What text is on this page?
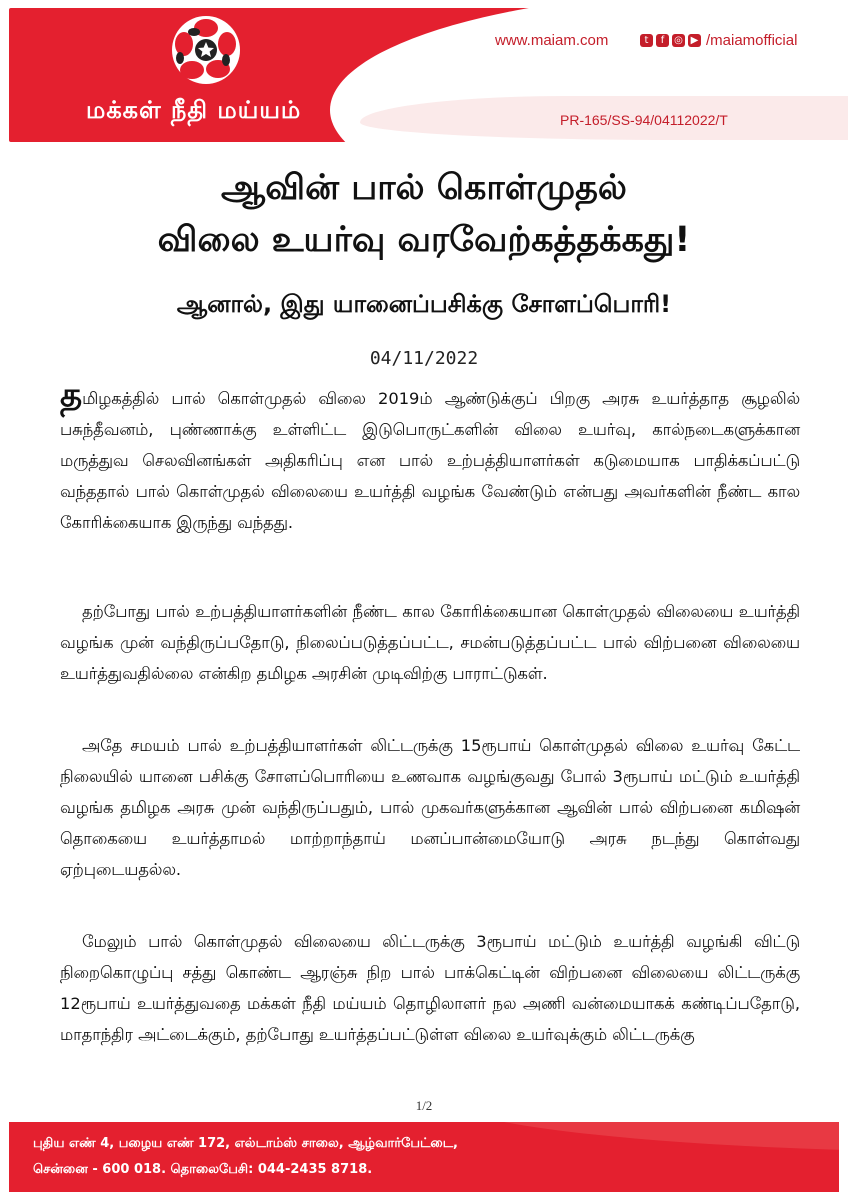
மக்கள் நீதி மய்யம்
www.maiam.com	t	f ◎ ▶ /maiamofficial
PR-165/SS-94/04112022/T
ஆவின் பால் கொள்முதல்
விலை உயர்வு வரவேற்கத்தக்கது!
ஆனால், இது யானைப்பசிக்கு சோளப்பொரி!
04/11/2022
தமிழகத்தில் பால் கொள்முதல் விலை 2019ம் ஆண்டுக்குப் பிறகு அரசு உயர்த்தாத சூழலில் பசுந்தீவனம், புண்ணாக்கு உள்ளிட்ட இடுபொருட்களின் விலை உயர்வு, கால்நடைகளுக்கான மருத்துவ செலவினங்கள் அதிகரிப்பு என பால் உற்பத்தியாளர்கள் கடுமையாக பாதிக்கப்பட்டு வந்ததால் பால் கொள்முதல் விலையை உயர்த்தி வழங்க வேண்டும் என்பது அவர்களின் நீண்ட கால கோரிக்கையாக இருந்து வந்தது.
தற்போது பால் உற்பத்தியாளர்களின் நீண்ட கால கோரிக்கையான கொள்முதல் விலையை உயர்த்தி வழங்க முன் வந்திருப்பதோடு, நிலைப்படுத்தப்பட்ட, சமன்படுத்தப்பட்ட பால் விற்பனை விலையை உயர்த்துவதில்லை என்கிற தமிழக அரசின் முடிவிற்கு பாராட்டுகள்.
அதே சமயம் பால் உற்பத்தியாளர்கள் லிட்டருக்கு 15ரூபாய் கொள்முதல் விலை உயர்வு கேட்ட நிலையில் யானை பசிக்கு சோளப்பொரியை உணவாக வழங்குவது போல் 3ரூபாய் மட்டும் உயர்த்தி வழங்க தமிழக அரசு முன் வந்திருப்பதும், பால் முகவர்களுக்கான ஆவின் பால் விற்பனை கமிஷன் தொகையை உயர்த்தாமல் மாற்றாந்தாய் மனப்பான்மையோடு அரசு நடந்து கொள்வது ஏற்புடையதல்ல.
மேலும் பால் கொள்முதல் விலையை லிட்டருக்கு 3ரூபாய் மட்டும் உயர்த்தி வழங்கி விட்டு நிறைகொழுப்பு சத்து கொண்ட ஆரஞ்சு நிற பால் பாக்கெட்டின் விற்பனை விலையை லிட்டருக்கு 12ரூபாய் உயர்த்துவதை மக்கள் நீதி மய்யம் தொழிலாளர் நல அணி வன்மையாகக் கண்டிப்பதோடு, மாதாந்திர அட்டைக்கும், தற்போது உயர்த்தப்பட்டுள்ள விலை உயர்வுக்கும் லிட்டருக்கு
1/2
புதிய எண் 4, பழைய எண் 172, எல்டாம்ஸ் சாலை, ஆழ்வார்பேட்டை,
சென்னை - 600 018. தொலைபேசி: 044-2435 8718.
